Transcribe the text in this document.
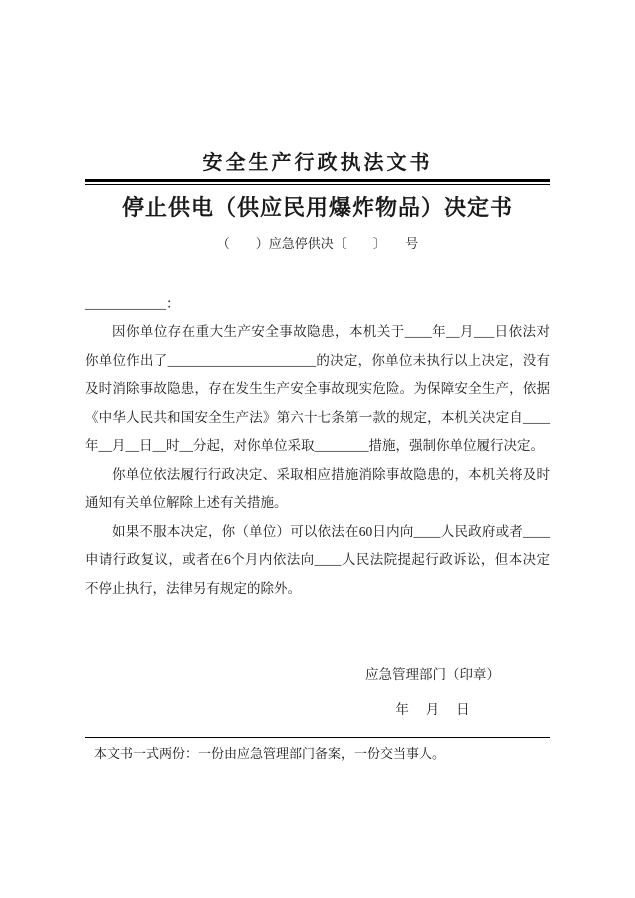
安全生产行政执法文书
停止供电（供应民用爆炸物品）决定书
（　　）应急停供决〔　　〕　　号
____________：

因你单位存在重大生产安全事故隐患，本机关于____年__月___日依法对你单位作出了______________________的决定，你单位未执行以上决定，没有及时消除事故隐患，存在发生生产安全事故现实危险。为保障安全生产，依据《中华人民共和国安全生产法》第六十七条第一款的规定，本机关决定自____年__月__日__时__分起，对你单位采取________措施，强制你单位履行决定。

你单位依法履行行政决定、采取相应措施消除事故隐患的，本机关将及时通知有关单位解除上述有关措施。

如果不服本决定，你（单位）可以依法在60日内向____人民政府或者____申请行政复议，或者在6个月内依法向____人民法院提起行政诉讼，但本决定不停止执行，法律另有规定的除外。

应急管理部门（印章）
年　 月　 日
本文书一式两份：一份由应急管理部门备案，一份交当事人。
